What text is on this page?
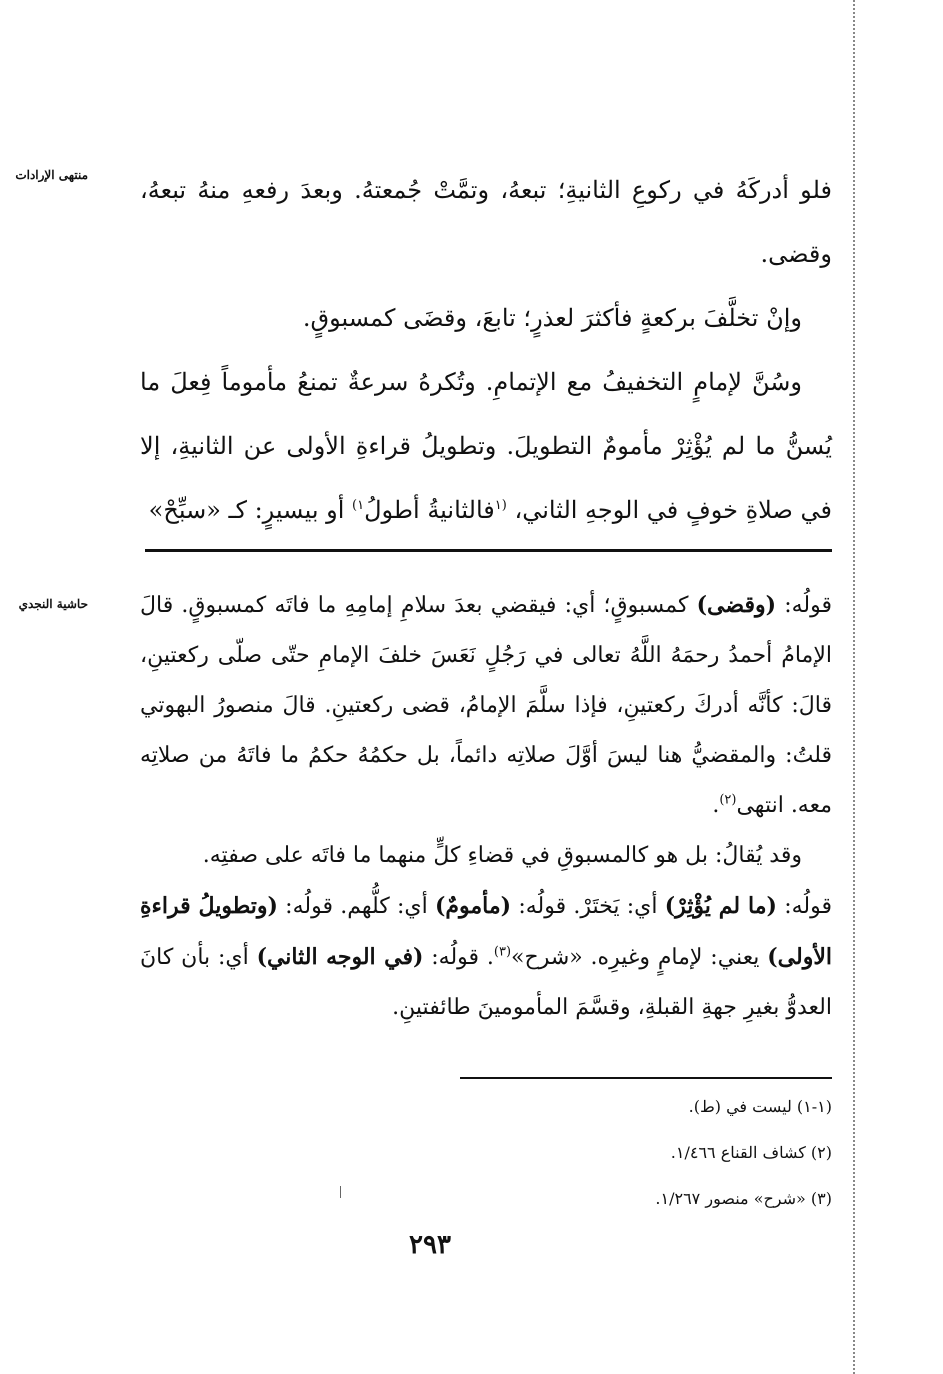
منتهى الإرادات
حاشية النجدي

فلو أدركَهُ في ركوعِ الثانيةِ؛ تبعهُ، وتمَّتْ جُمعتهُ. وبعدَ رفعهِ منهُ تبعهُ، وقضى.

وإنْ تخلَّفَ بركعةٍ فأكثرَ لعذرٍ؛ تابعَ، وقضَى كمسبوقٍ.

وسُنَّ لإمامٍ التخفيفُ مع الإتمامِ. وتُكرهُ سرعةٌ تمنعُ مأموماً فِعلَ ما يُسنُّ ما لم يُؤْثِرْ مأمومٌ التطويلَ. وتطويلُ قراءةِ الأولى عن الثانيةِ، إلا في صلاةِ خوفٍ في الوجهِ الثاني، $^{(١}$فالثانيةُ أطولُ$^{١)}$ أو بيسيرٍ: كـ «سبِّحْ»

قولُه: (وقضى) كمسبوقٍ؛ أي: فيقضي بعدَ سلامِ إمامِهِ ما فاتَه كمسبوقٍ. قالَ الإمامُ أحمدُ رحمَهُ اللَّهُ تعالى في رَجُلٍ نَعَسَ خلفَ الإمامِ حتّى صلّى ركعتينِ، قالَ: كأنَّه أدركَ ركعتينِ، فإذا سلَّمَ الإمامُ، قضى ركعتينِ. قالَ منصورُ البهوتي قلتُ: والمقضيُّ هنا ليسَ أوَّلَ صلاتِه دائماً، بل حكمُهُ حكمُ ما فاتَهُ من صلاتِه معه. انتهى$^{(٢)}$.

وقد يُقالُ: بل هو كالمسبوقِ في قضاءِ كلٍّ منهما ما فاتَه على صفتِه.

قولُه: (ما لم يُؤْثِرْ) أي: يَختَرْ. قولُه: (مأمومٌ) أي: كلُّهم. قولُه: (وتطويلُ قراءةِ الأولى) يعني: لإمامٍ وغيرِه. «شرح»$^{(٣)}$. قولُه: (في الوجه الثاني) أي: بأن كانَ العدوُّ بغيرِ جهةِ القبلةِ، وقسَّمَ المأمومينَ طائفتينِ.

(١-١) ليست في (ط).
(٢) كشاف القناع ١/٤٦٦.
(٣) «شرح» منصور ١/٢٦٧.
٢٩٣
